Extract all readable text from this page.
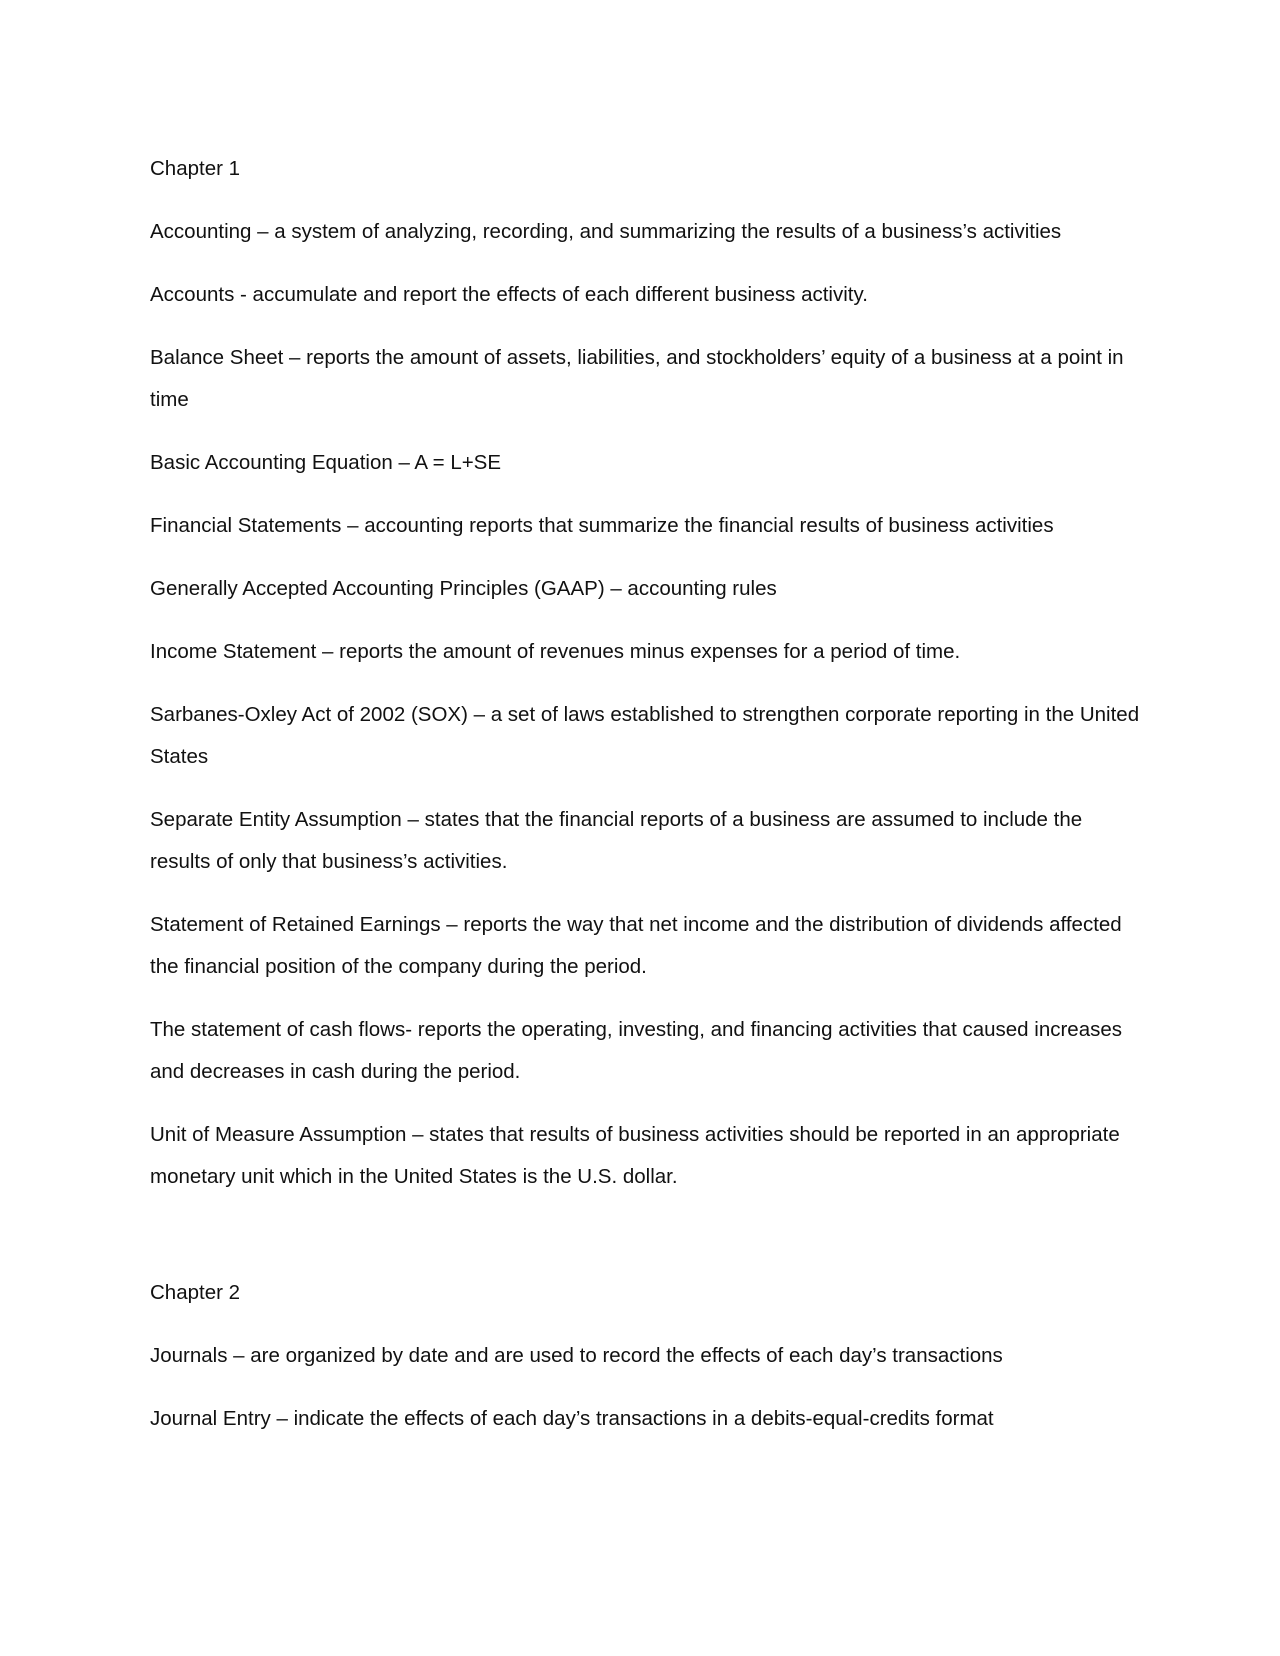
Chapter 1

Accounting – a system of analyzing, recording, and summarizing the results of a business’s activities

Accounts - accumulate and report the effects of each different business activity.

Balance Sheet – reports the amount of assets, liabilities, and stockholders’ equity of a business at a point in time

Basic Accounting Equation – A = L+SE

Financial Statements – accounting reports that summarize the financial results of business activities

Generally Accepted Accounting Principles (GAAP) – accounting rules

Income Statement – reports the amount of revenues minus expenses for a period of time.

Sarbanes-Oxley Act of 2002 (SOX) – a set of laws established to strengthen corporate reporting in the United States

Separate Entity Assumption – states that the financial reports of a business are assumed to include the results of only that business’s activities.

Statement of Retained Earnings – reports the way that net income and the distribution of dividends affected the financial position of the company during the period.

The statement of cash flows- reports the operating, investing, and financing activities that caused increases and decreases in cash during the period.

Unit of Measure Assumption – states that results of business activities should be reported in an appropriate monetary unit which in the United States is the U.S. dollar.

Chapter 2

Journals – are organized by date and are used to record the effects of each day’s transactions

Journal Entry – indicate the effects of each day’s transactions in a debits-equal-credits format
